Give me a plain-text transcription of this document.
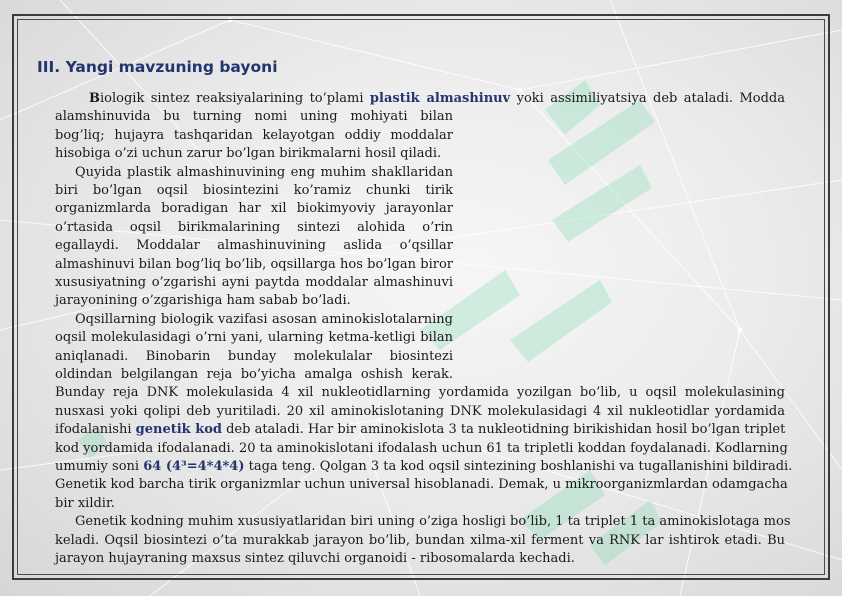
III. Yangi mavzuning bayoni
Biologik sintez reaksiyalarining to’plami plastik almashinuv yoki assimiliyatsiya deb ataladi. Modda
alamshinuvida bu turning nomi uning mohiyati bilan
bog’liq; hujayra tashqaridan kelayotgan oddiy moddalar
hisobiga o’zi uchun zarur bo’lgan birikmalarni hosil qiladi.
Quyida plastik almashinuvining eng muhim shakllaridan
biri bo’lgan oqsil biosintezini ko’ramiz chunki tirik
organizmlarda boradigan har xil biokimyoviy jarayonlar
o’rtasida oqsil birikmalarining sintezi alohida o’rin
egallaydi. Moddalar almashinuvining aslida o’qsillar
almashinuvi bilan bog’liq bo’lib, oqsillarga hos bo’lgan biror
xususiyatning o’zgarishi ayni paytda moddalar almashinuvi
jarayonining o’zgarishiga ham sabab bo’ladi.
Oqsillarning biologik vazifasi asosan aminokislotalarning
oqsil molekulasidagi o’rni yani, ularning ketma-ketligi bilan
aniqlanadi. Binobarin bunday molekulalar biosintezi
oldindan belgilangan reja bo’yicha amalga oshish kerak.
Bunday reja DNK molekulasida 4 xil nukleotidlarning yordamida yozilgan bo’lib, u oqsil molekulasining
nusxasi yoki qolipi deb yuritiladi. 20 xil aminokislotaning DNK molekulasidagi 4 xil nukleotidlar yordamida
ifodalanishi genetik kod deb ataladi. Har bir aminokislota 3 ta nukleotidning birikishidan hosil bo’lgan triplet
kod yordamida ifodalanadi. 20 ta aminokislotani ifodalash uchun 61 ta tripletli koddan foydalanadi. Kodlarning
umumiy soni 64 (4³=4*4*4) taga teng. Qolgan 3 ta kod oqsil sintezining boshlanishi va tugallanishini bildiradi.
Genetik kod barcha tirik organizmlar uchun universal hisoblanadi. Demak, u mikroorganizmlardan odamgacha
bir xildir.
Genetik kodning muhim xususiyatlaridan biri uning o’ziga hosligi bo’lib, 1 ta triplet 1 ta aminokislotaga mos
keladi. Oqsil biosintezi o’ta murakkab jarayon bo’lib, bundan xilma-xil ferment va RNK lar ishtirok etadi. Bu
jarayon hujayraning maxsus sintez qiluvchi organoidi - ribosomalarda kechadi.
